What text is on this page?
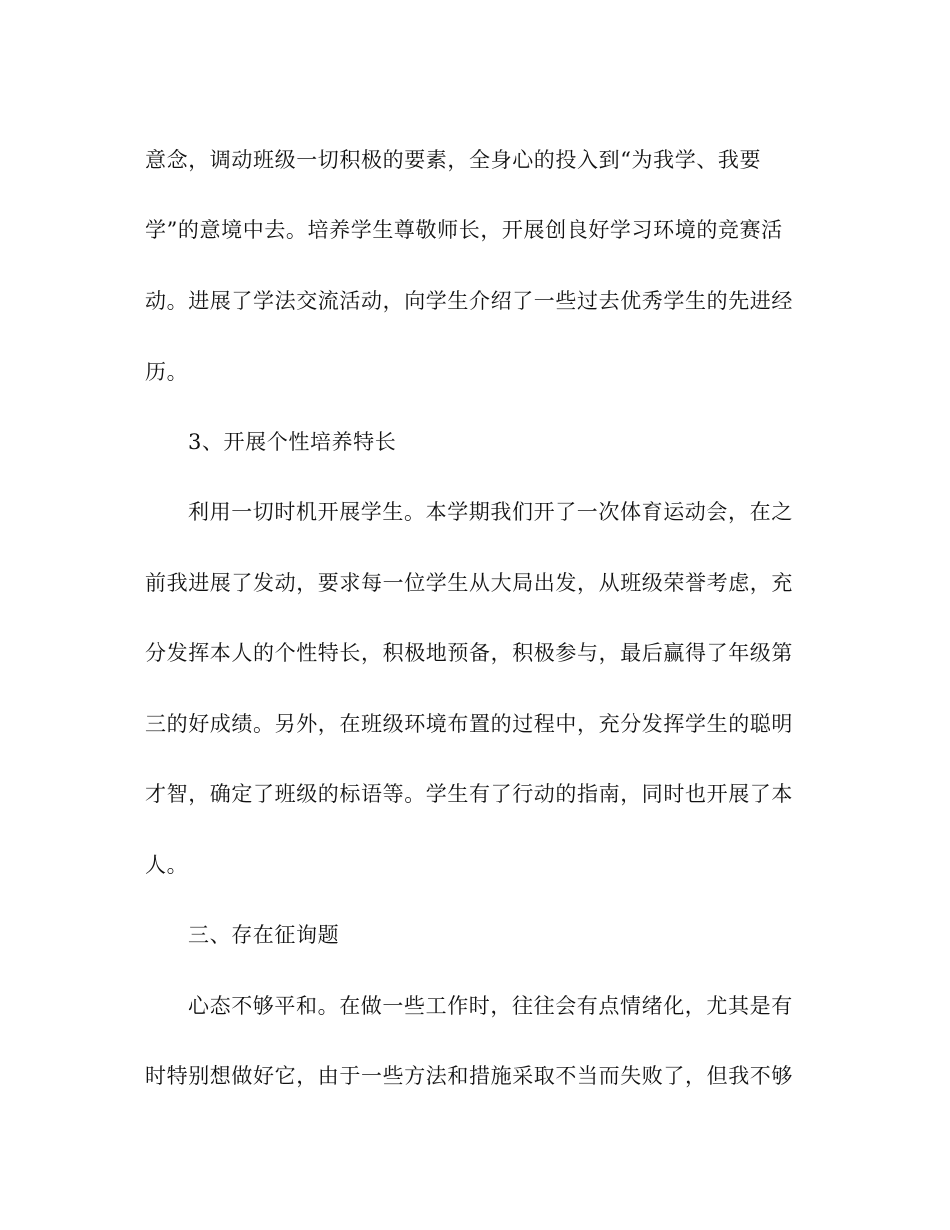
意念，调动班级一切积极的要素，全身心的投入到“为我学、我要
学”的意境中去。培养学生尊敬师长，开展创良好学习环境的竞赛活
动。进展了学法交流活动，向学生介绍了一些过去优秀学生的先进经
历。
3、开展个性培养特长
利用一切时机开展学生。本学期我们开了一次体育运动会，在之
前我进展了发动，要求每一位学生从大局出发，从班级荣誉考虑，充
分发挥本人的个性特长，积极地预备，积极参与，最后赢得了年级第
三的好成绩。另外，在班级环境布置的过程中，充分发挥学生的聪明
才智，确定了班级的标语等。学生有了行动的指南，同时也开展了本
人。
三、存在征询题
心态不够平和。在做一些工作时，往往会有点情绪化，尤其是有
时特别想做好它，由于一些方法和措施采取不当而失败了，但我不够
